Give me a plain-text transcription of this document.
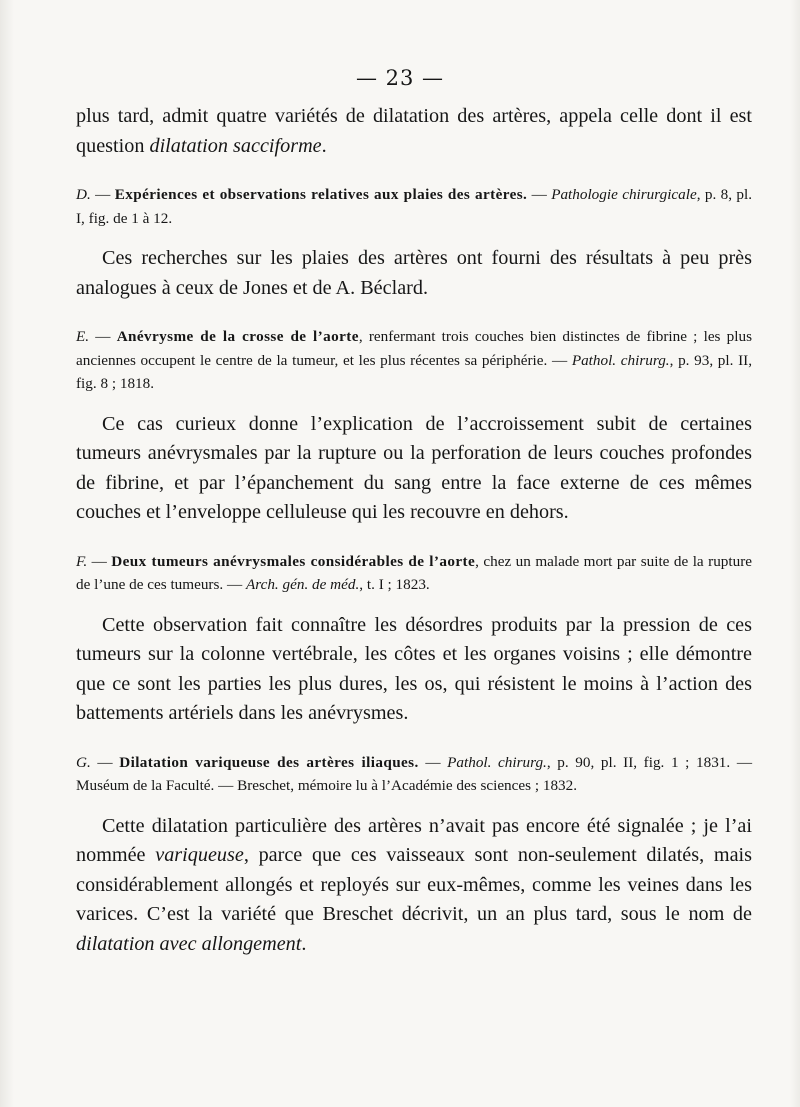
— 23 —

plus tard, admit quatre variétés de dilatation des artères, appela celle dont il est question dilatation sacciforme.

D. — Expériences et observations relatives aux plaies des artères. — Pathologie chirurgicale, p. 8, pl. I, fig. de 1 à 12.

Ces recherches sur les plaies des artères ont fourni des résultats à peu près analogues à ceux de Jones et de A. Béclard.

E. — Anévrysme de la crosse de l’aorte, renfermant trois couches bien distinctes de fibrine ; les plus anciennes occupent le centre de la tumeur, et les plus récentes sa périphérie. — Pathol. chirurg., p. 93, pl. II, fig. 8 ; 1818.

Ce cas curieux donne l’explication de l’accroissement subit de certaines tumeurs anévrysmales par la rupture ou la perforation de leurs couches profondes de fibrine, et par l’épanchement du sang entre la face externe de ces mêmes couches et l’enveloppe celluleuse qui les recouvre en dehors.

F. — Deux tumeurs anévrysmales considérables de l’aorte, chez un malade mort par suite de la rupture de l’une de ces tumeurs. — Arch. gén. de méd., t. I ; 1823.

Cette observation fait connaître les désordres produits par la pression de ces tumeurs sur la colonne vertébrale, les côtes et les organes voisins ; elle démontre que ce sont les parties les plus dures, les os, qui résistent le moins à l’action des battements artériels dans les anévrysmes.

G. — Dilatation variqueuse des artères iliaques. — Pathol. chirurg., p. 90, pl. II, fig. 1 ; 1831. — Muséum de la Faculté. — Breschet, mémoire lu à l’Académie des sciences ; 1832.

Cette dilatation particulière des artères n’avait pas encore été signalée ; je l’ai nommée variqueuse, parce que ces vaisseaux sont non-seulement dilatés, mais considérablement allongés et reployés sur eux-mêmes, comme les veines dans les varices. C’est la variété que Breschet décrivit, un an plus tard, sous le nom de dilatation avec allongement.
